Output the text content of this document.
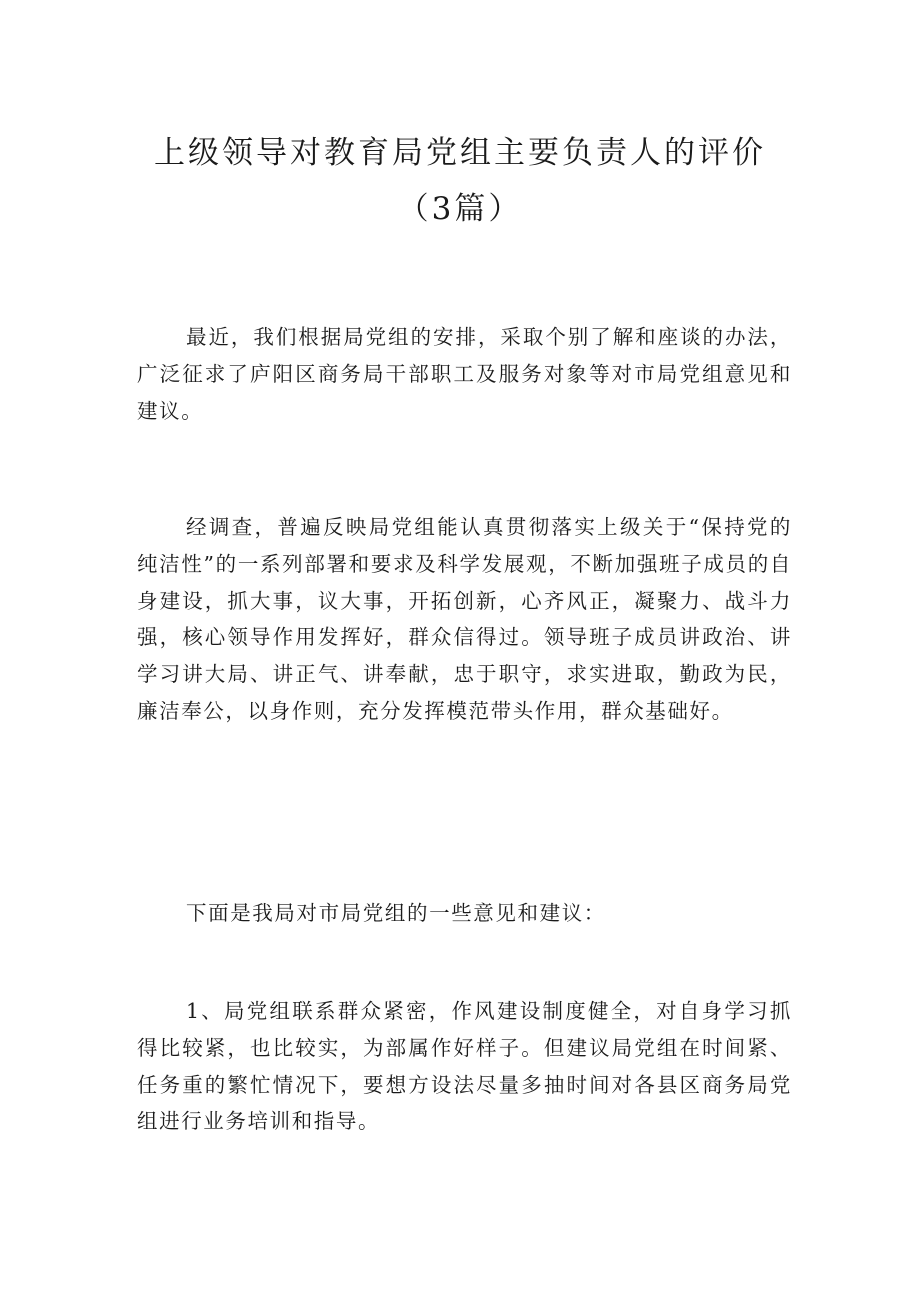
上级领导对教育局党组主要负责人的评价
（3篇）

最近，我们根据局党组的安排，采取个别了解和座谈的办法，广泛征求了庐阳区商务局干部职工及服务对象等对市局党组意见和建议。

经调查，普遍反映局党组能认真贯彻落实上级关于“保持党的纯洁性”的一系列部署和要求及科学发展观，不断加强班子成员的自身建设，抓大事，议大事，开拓创新，心齐风正，凝聚力、战斗力强，核心领导作用发挥好，群众信得过。领导班子成员讲政治、讲学习讲大局、讲正气、讲奉献，忠于职守，求实进取，勤政为民，廉洁奉公，以身作则，充分发挥模范带头作用，群众基础好。

下面是我局对市局党组的一些意见和建议：

1、局党组联系群众紧密，作风建设制度健全，对自身学习抓得比较紧，也比较实，为部属作好样子。但建议局党组在时间紧、任务重的繁忙情况下，要想方设法尽量多抽时间对各县区商务局党组进行业务培训和指导。
